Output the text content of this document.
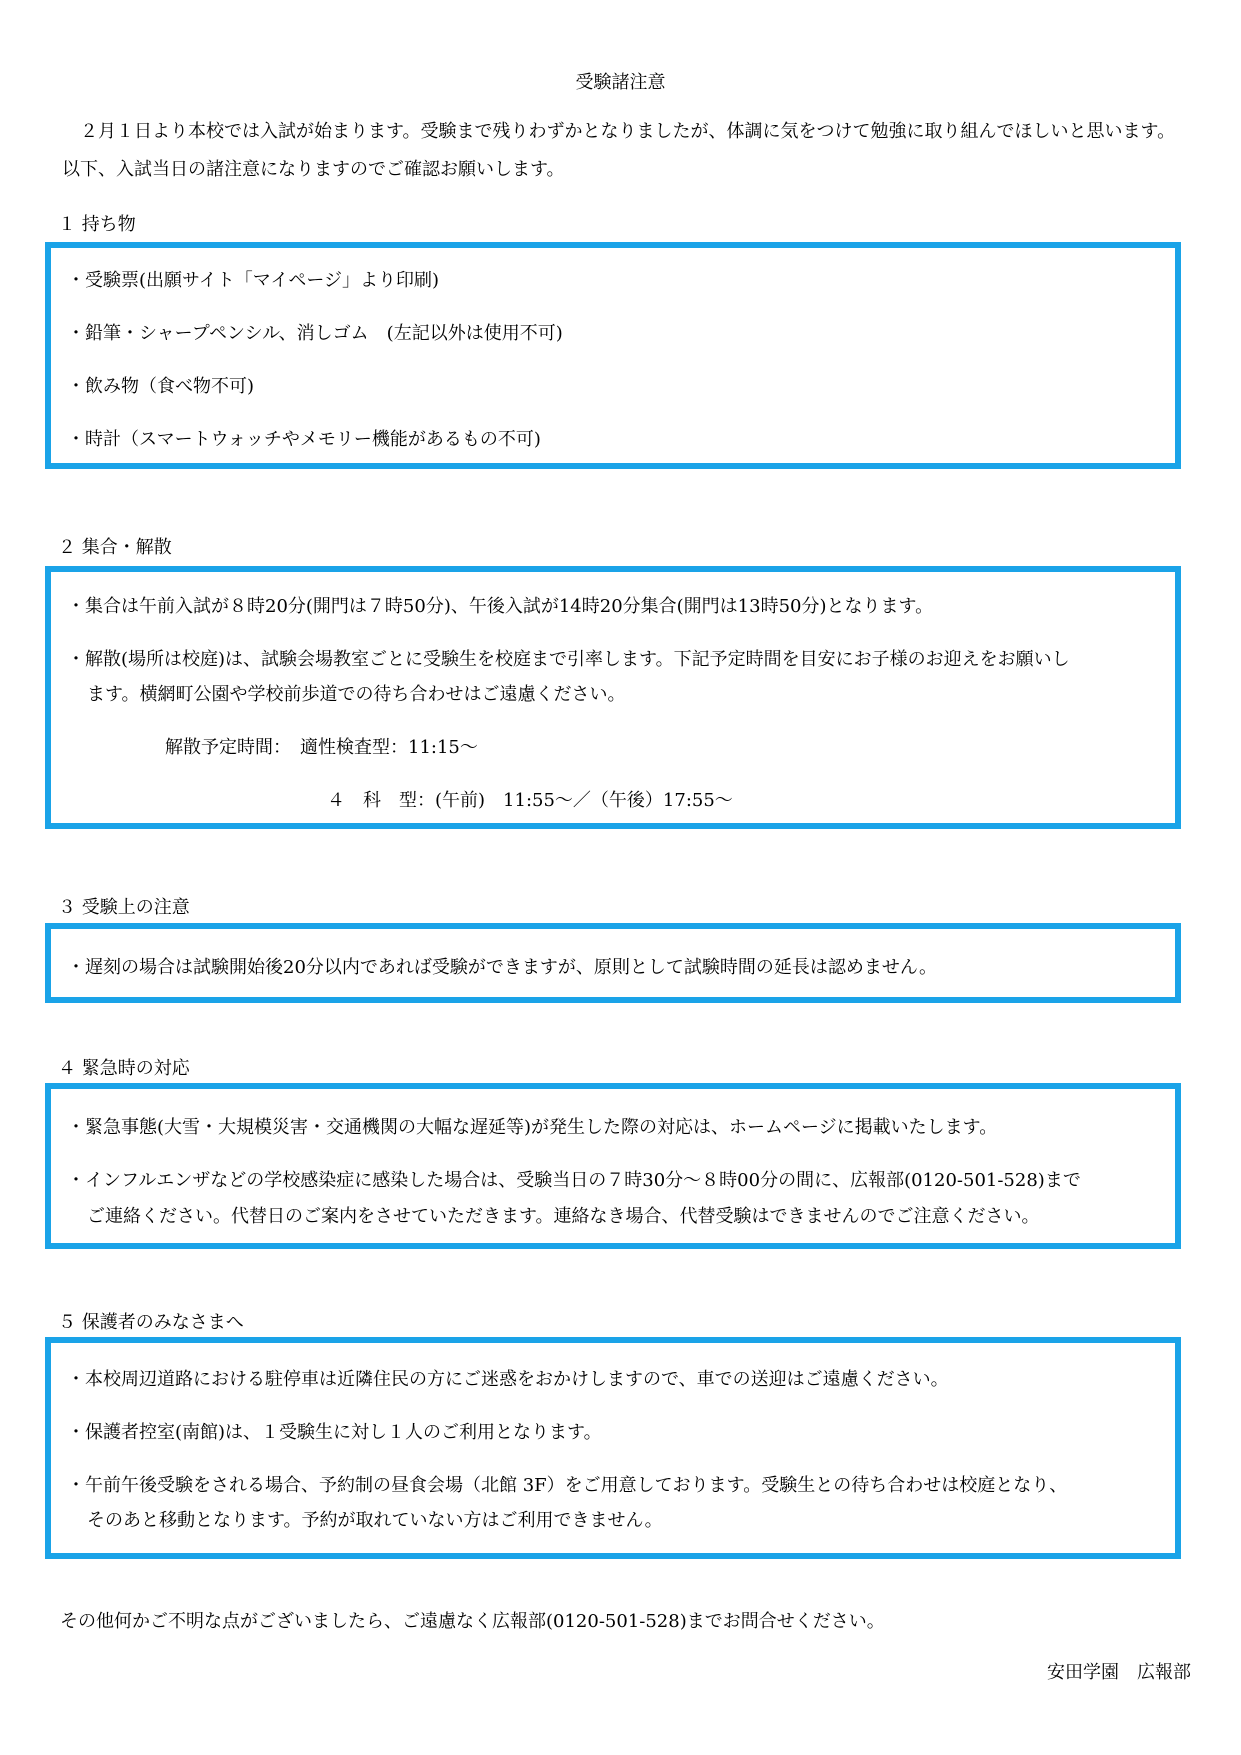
受験諸注意
　２月１日より本校では入試が始まります。受験まで残りわずかとなりましたが、体調に気をつけて勉強に取り組んでほしいと思います。以下、入試当日の諸注意になりますのでご確認お願いします。
１ 持ち物
・受験票(出願サイト「マイページ」より印刷)
・鉛筆・シャープペンシル、消しゴム　(左記以外は使用不可)
・飲み物（食べ物不可)
・時計（スマートウォッチやメモリー機能があるもの不可)
２ 集合・解散
・集合は午前入試が８時20分(開門は７時50分)、午後入試が14時20分集合(開門は13時50分)となります。
・解散(場所は校庭)は、試験会場教室ごとに受験生を校庭まで引率します。下記予定時間を目安にお子様のお迎えをお願いし
ます。横網町公園や学校前歩道での待ち合わせはご遠慮ください。
解散予定時間：　適性検査型：11:15〜
４　科　型：(午前)　11:55〜／（午後）17:55〜
３ 受験上の注意
・遅刻の場合は試験開始後20分以内であれば受験ができますが、原則として試験時間の延長は認めません。
４ 緊急時の対応
・緊急事態(大雪・大規模災害・交通機関の大幅な遅延等)が発生した際の対応は、ホームページに掲載いたします。
・インフルエンザなどの学校感染症に感染した場合は、受験当日の７時30分〜８時00分の間に、広報部(0120-501-528)まで
ご連絡ください。代替日のご案内をさせていただきます。連絡なき場合、代替受験はできませんのでご注意ください。
５ 保護者のみなさまへ
・本校周辺道路における駐停車は近隣住民の方にご迷惑をおかけしますので、車での送迎はご遠慮ください。
・保護者控室(南館)は、１受験生に対し１人のご利用となります。
・午前午後受験をされる場合、予約制の昼食会場（北館 3F）をご用意しております。受験生との待ち合わせは校庭となり、
そのあと移動となります。予約が取れていない方はご利用できません。
その他何かご不明な点がございましたら、ご遠慮なく広報部(0120-501-528)までお問合せください。
安田学園　広報部
